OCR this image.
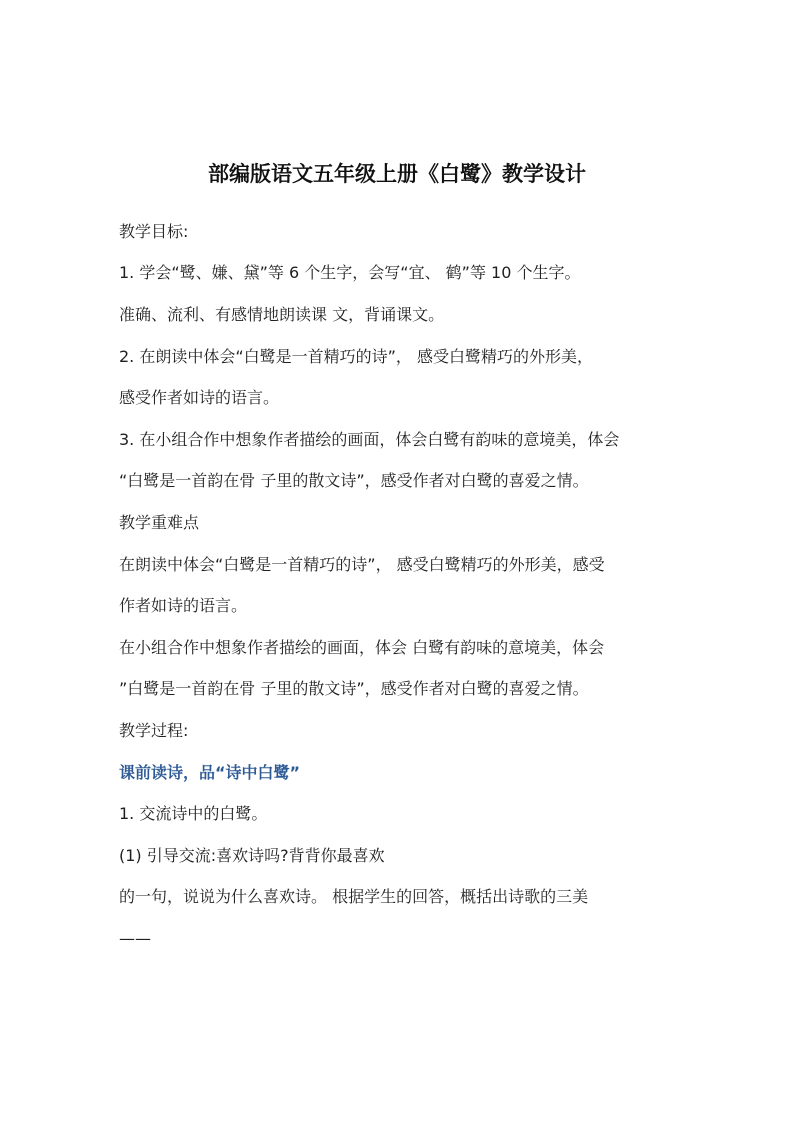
部编版语文五年级上册《白鹭》教学设计
教学目标:
1. 学会“鹭、嫌、黛”等 6 个生字，会写“宜、 鹤”等 10 个生字。
准确、流利、有感情地朗读课 文，背诵课文。
2. 在朗读中体会“白鹭是一首精巧的诗”， 感受白鹭精巧的外形美，
感受作者如诗的语言。
3. 在小组合作中想象作者描绘的画面，体会白鹭有韵味的意境美，体会
“白鹭是一首韵在骨 子里的散文诗”，感受作者对白鹭的喜爱之情。
教学重难点
在朗读中体会“白鹭是一首精巧的诗”， 感受白鹭精巧的外形美，感受
作者如诗的语言。
在小组合作中想象作者描绘的画面，体会 白鹭有韵味的意境美，体会
”白鹭是一首韵在骨 子里的散文诗”，感受作者对白鹭的喜爱之情。
教学过程:
课前读诗，品“诗中白鹭”
1. 交流诗中的白鹭。
(1) 引导交流:喜欢诗吗?背背你最喜欢
的一句，说说为什么喜欢诗。 根据学生的回答，概括出诗歌的三美
——
